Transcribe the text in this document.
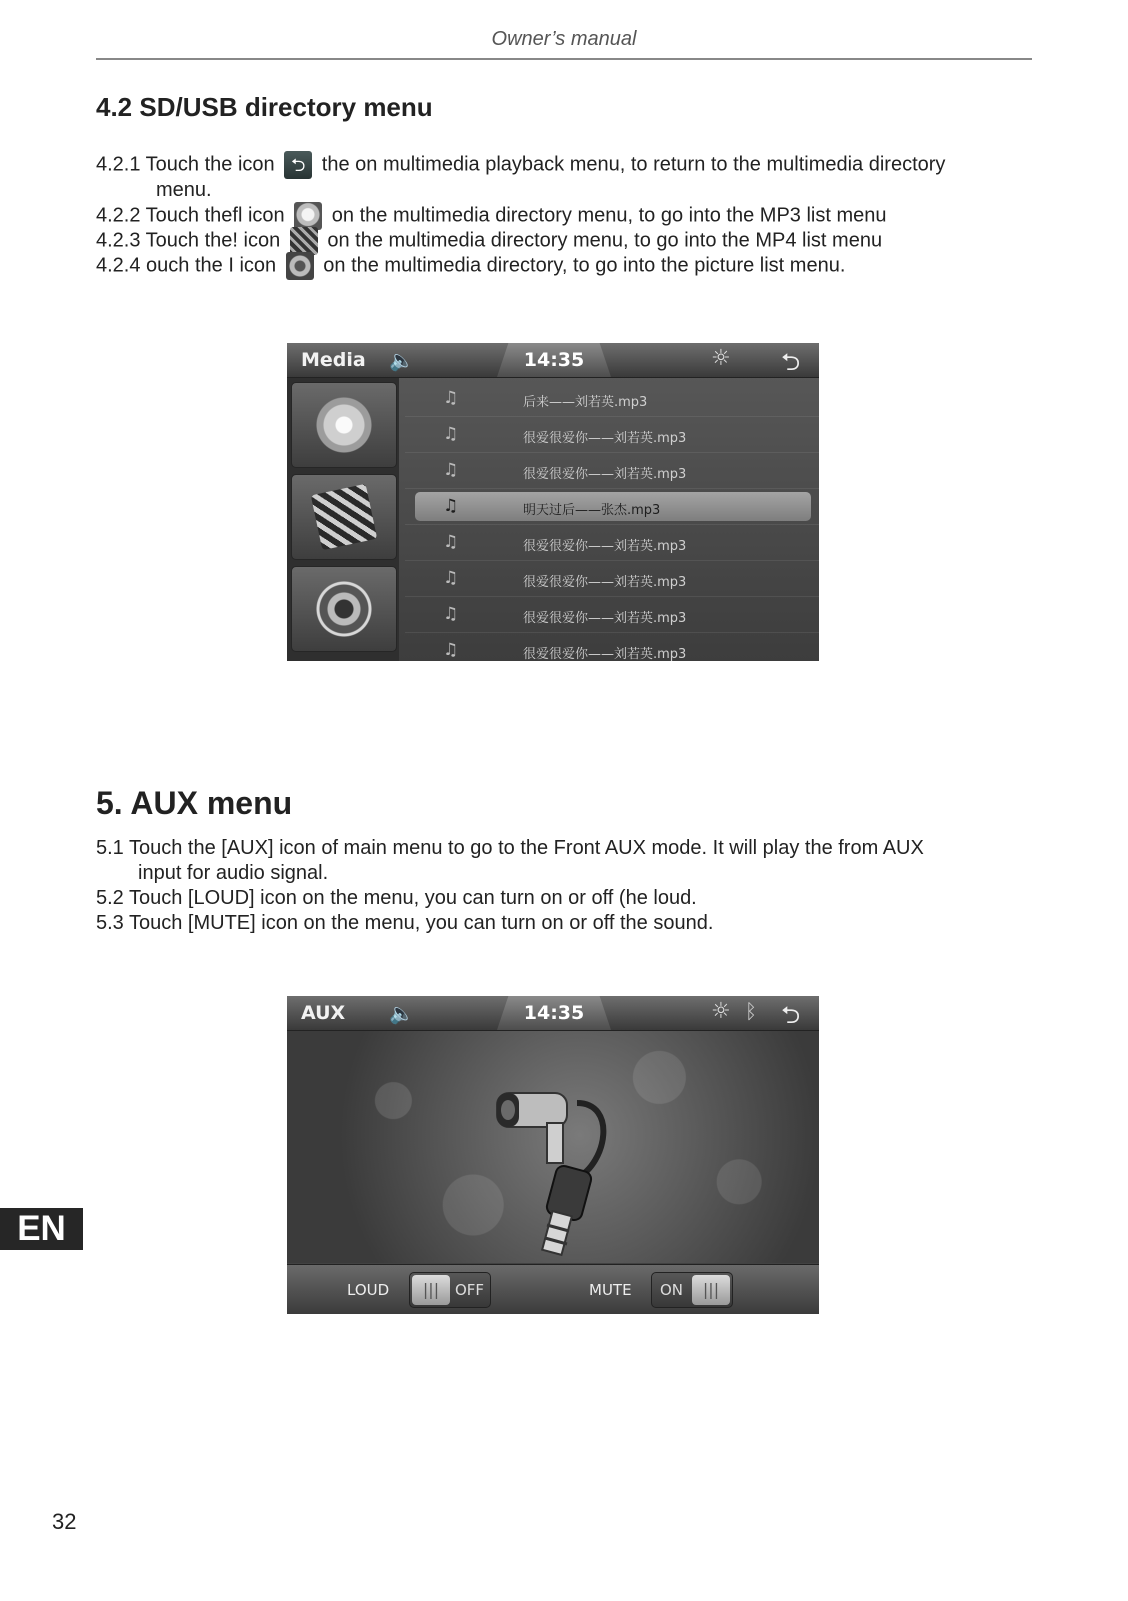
Owner’s manual
4.2 SD/USB directory menu
4.2.1 Touch the icon ⮌ the on multimedia playback menu, to return to the multimedia directory
menu.
4.2.2 Touch thefl icon on the multimedia directory menu, to go into the MP3 list menu
4.2.3 Touch the! icon on the multimedia directory menu, to go into the MP4 list menu
4.2.4 ouch the I icon on the multimedia directory, to go into the picture list menu.
Media 🔈	14:35	☼ ⮌
♫	后来——刘若英.mp3
♫	很爱很爱你——刘若英.mp3
♫	很爱很爱你——刘若英.mp3
♫	明天过后——张杰.mp3
♫	很爱很爱你——刘若英.mp3
♫	很爱很爱你——刘若英.mp3
♫	很爱很爱你——刘若英.mp3
♫	很爱很爱你——刘若英.mp3
5. AUX menu
5.1 Touch the [AUX] icon of main menu to go to the Front AUX mode. It will play the from AUX
input for audio signal.
5.2 Touch [LOUD] icon on the menu, you can turn on or off (he loud.
5.3 Touch [MUTE] icon on the menu, you can turn on or off the sound.
AUX 🔈	14:35	☼ ᛒ ⮌
LOUD	|||	OFF	MUTE ON	|||
EN
32
